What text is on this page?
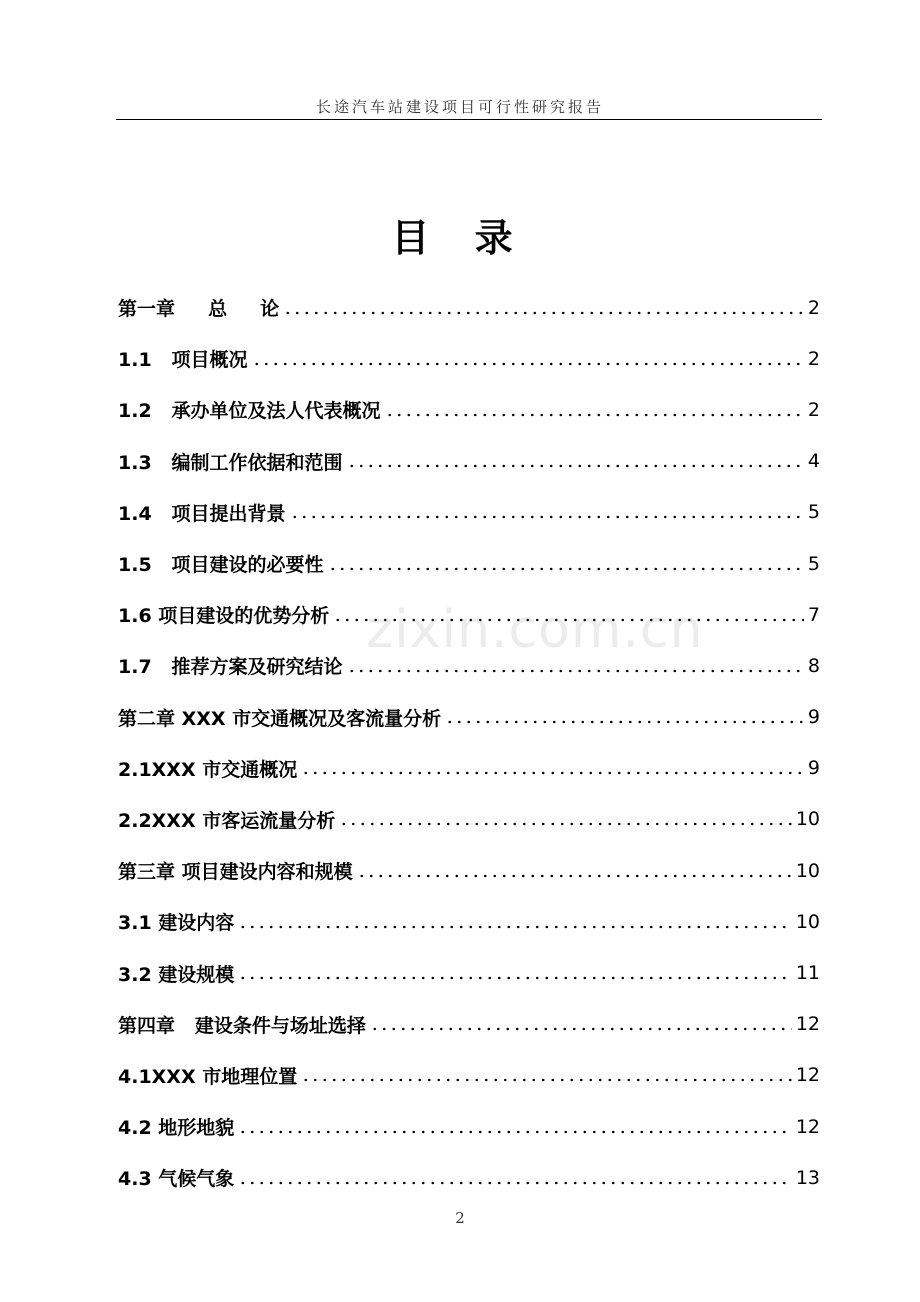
长途汽车站建设项目可行性研究报告
目 录
第一章     总     论	2
1.1   项目概况	2
1.2   承办单位及法人代表概况	2
1.3   编制工作依据和范围	4
1.4   项目提出背景	5
1.5   项目建设的必要性	5
1.6 项目建设的优势分析	7
1.7   推荐方案及研究结论	8
第二章 XXX 市交通概况及客流量分析	9
2.1XXX 市交通概况	9
2.2XXX 市客运流量分析	10
第三章 项目建设内容和规模	10
3.1 建设内容	10
3.2 建设规模	11
第四章   建设条件与场址选择	12
4.1XXX 市地理位置	12
4.2 地形地貌	12
4.3 气候气象	13
zixin.com.cn
2
